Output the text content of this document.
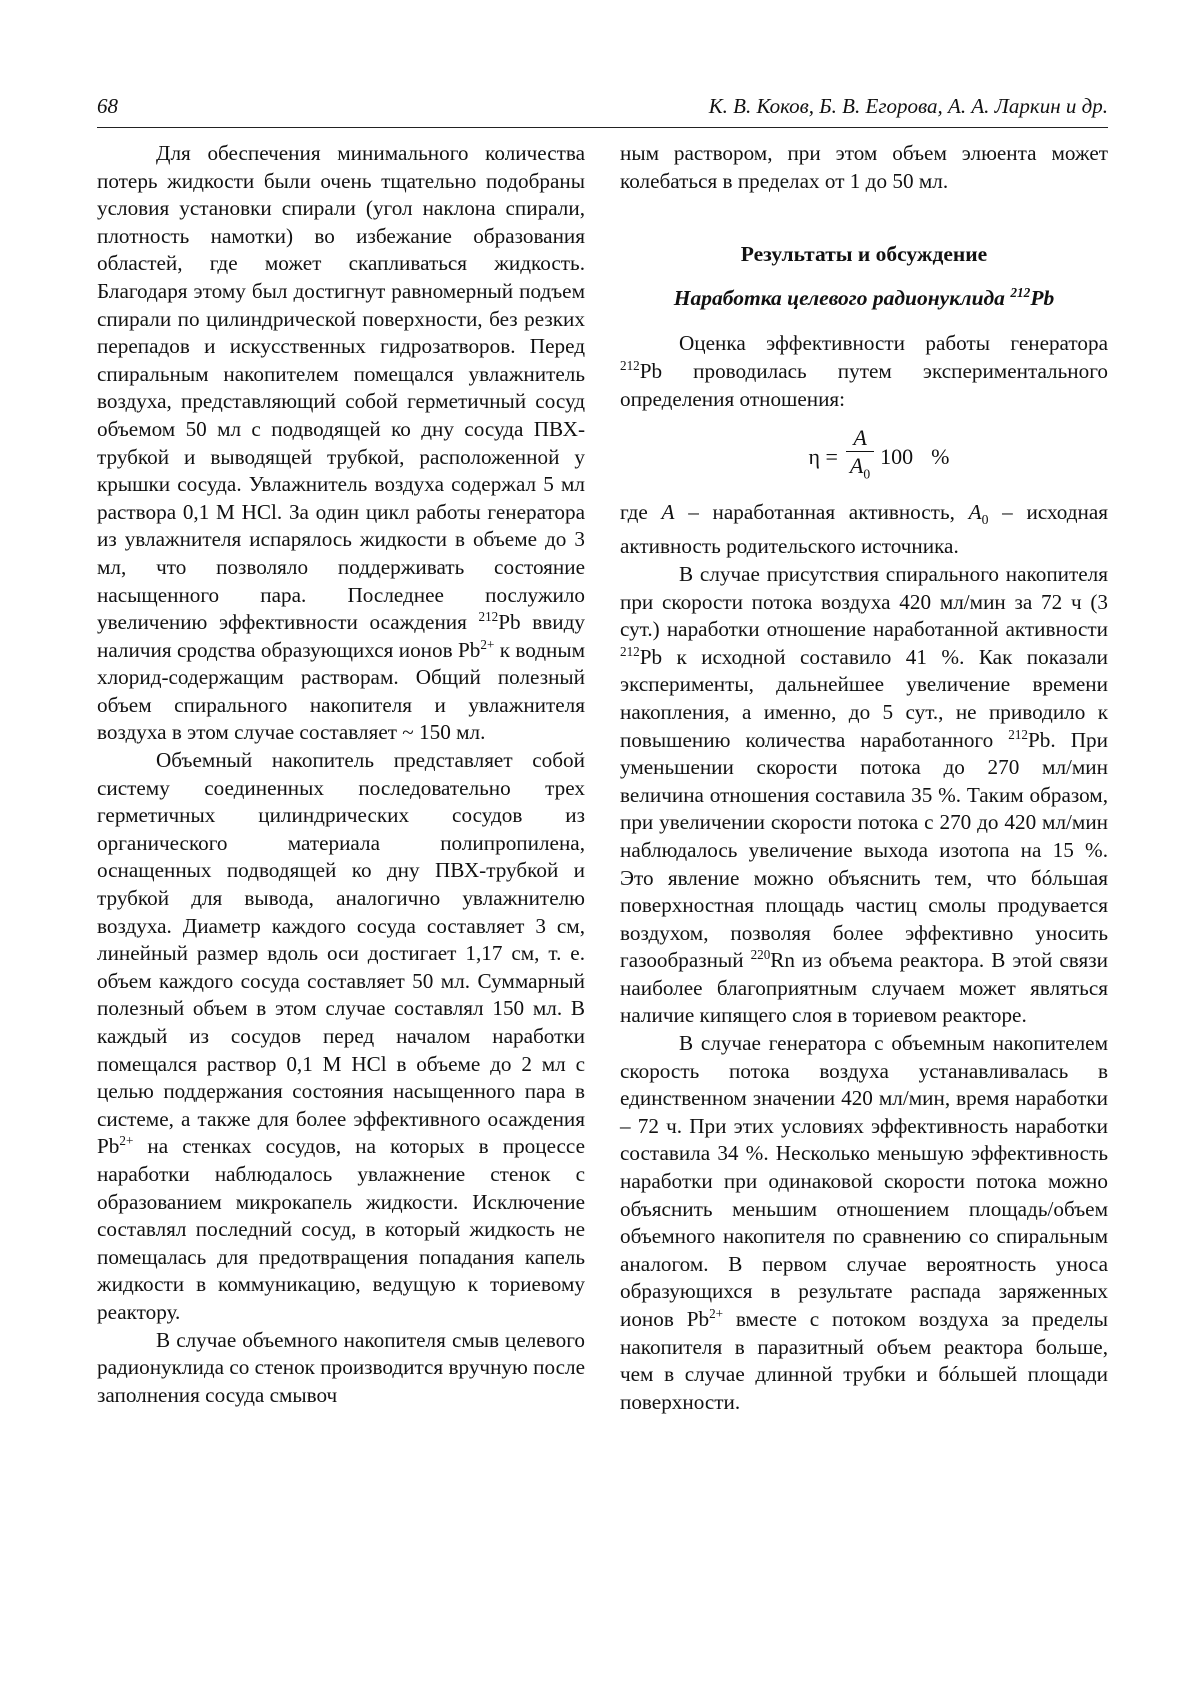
68	К. В. Коков, Б. В. Егорова, А. А. Ларкин и др.

Для обеспечения минимального количества потерь жидкости были очень тщательно подобраны условия установки спирали (угол наклона спирали, плотность намотки) во избежание образования областей, где может скапливаться жидкость. Благодаря этому был достигнут равномерный подъем спирали по цилиндрической поверхности, без резких перепадов и искусственных гидрозатворов. Перед спиральным накопителем помещался увлажнитель воздуха, представляющий собой герметичный сосуд объемом 50 мл с подводящей ко дну сосуда ПВХ-трубкой и выводящей трубкой, расположенной у крышки сосуда. Увлажнитель воздуха содержал 5 мл раствора 0,1 М HCl. За один цикл работы генератора из увлажнителя испарялось жидкости в объеме до 3 мл, что позволяло поддерживать состояние насыщенного пара. Последнее послужило увеличению эффективности осаждения $^{212}$Pb ввиду наличия сродства образующихся ионов $Pb^{2+}$ к водным хлорид-содержащим растворам. Общий полезный объем спирального накопителя и увлажнителя воздуха в этом случае составляет ~ 150 мл.

Объемный накопитель представляет собой систему соединенных последовательно трех герметичных цилиндрических сосудов из органического материала полипропилена, оснащенных подводящей ко дну ПВХ-трубкой и трубкой для вывода, аналогично увлажнителю воздуха. Диаметр каждого сосуда составляет 3 см, линейный размер вдоль оси достигает 1,17 см, т. е. объем каждого сосуда составляет 50 мл. Суммарный полезный объем в этом случае составлял 150 мл. В каждый из сосудов перед началом наработки помещался раствор 0,1 М HCl в объеме до 2 мл с целью поддержания состояния насыщенного пара в системе, а также для более эффективного осаждения $Pb^{2+}$ на стенках сосудов, на которых в процессе наработки наблюдалось увлажнение стенок с образованием микрокапель жидкости. Исключение составлял последний сосуд, в который жидкость не помещалась для предотвращения попадания капель жидкости в коммуникацию, ведущую к ториевому реактору.

В случае объемного накопителя смыв целевого радионуклида со стенок производится вручную после заполнения сосуда смывоч

ным раствором, при этом объем элюента может колебаться в пределах от 1 до 50 мл.

Результаты и обсуждение
Наработка целевого радионуклида $^{212}$Pb

Оценка эффективности работы генератора $^{212}$Pb проводилась путем экспериментального определения отношения:

$\eta = \frac{A}{A_0} 100$ %

где A – наработанная активность, $A_0$ – исходная активность родительского источника.

В случае присутствия спирального накопителя при скорости потока воздуха 420 мл/мин за 72 ч (3 сут.) наработки отношение наработанной активности $^{212}$Pb к исходной составило 41 %. Как показали эксперименты, дальнейшее увеличение времени накопления, а именно, до 5 сут., не приводило к повышению количества наработанного $^{212}$Pb. При уменьшении скорости потока до 270 мл/мин величина отношения составила 35 %. Таким образом, при увеличении скорости потока с 270 до 420 мл/мин наблюдалось увеличение выхода изотопа на 15 %. Это явление можно объяснить тем, что бóльшая поверхностная площадь частиц смолы продувается воздухом, позволяя более эффективно уносить газообразный $^{220}$Rn из объема реактора. В этой связи наиболее благоприятным случаем может являться наличие кипящего слоя в ториевом реакторе.

В случае генератора с объемным накопителем скорость потока воздуха устанавливалась в единственном значении 420 мл/мин, время наработки – 72 ч. При этих условиях эффективность наработки составила 34 %. Несколько меньшую эффективность наработки при одинаковой скорости потока можно объяснить меньшим отношением площадь/объем объемного накопителя по сравнению со спиральным аналогом. В первом случае вероятность уноса образующихся в результате распада заряженных ионов $Pb^{2+}$ вместе с потоком воздуха за пределы накопителя в паразитный объем реактора больше, чем в случае длинной трубки и бóльшей площади поверхности.
